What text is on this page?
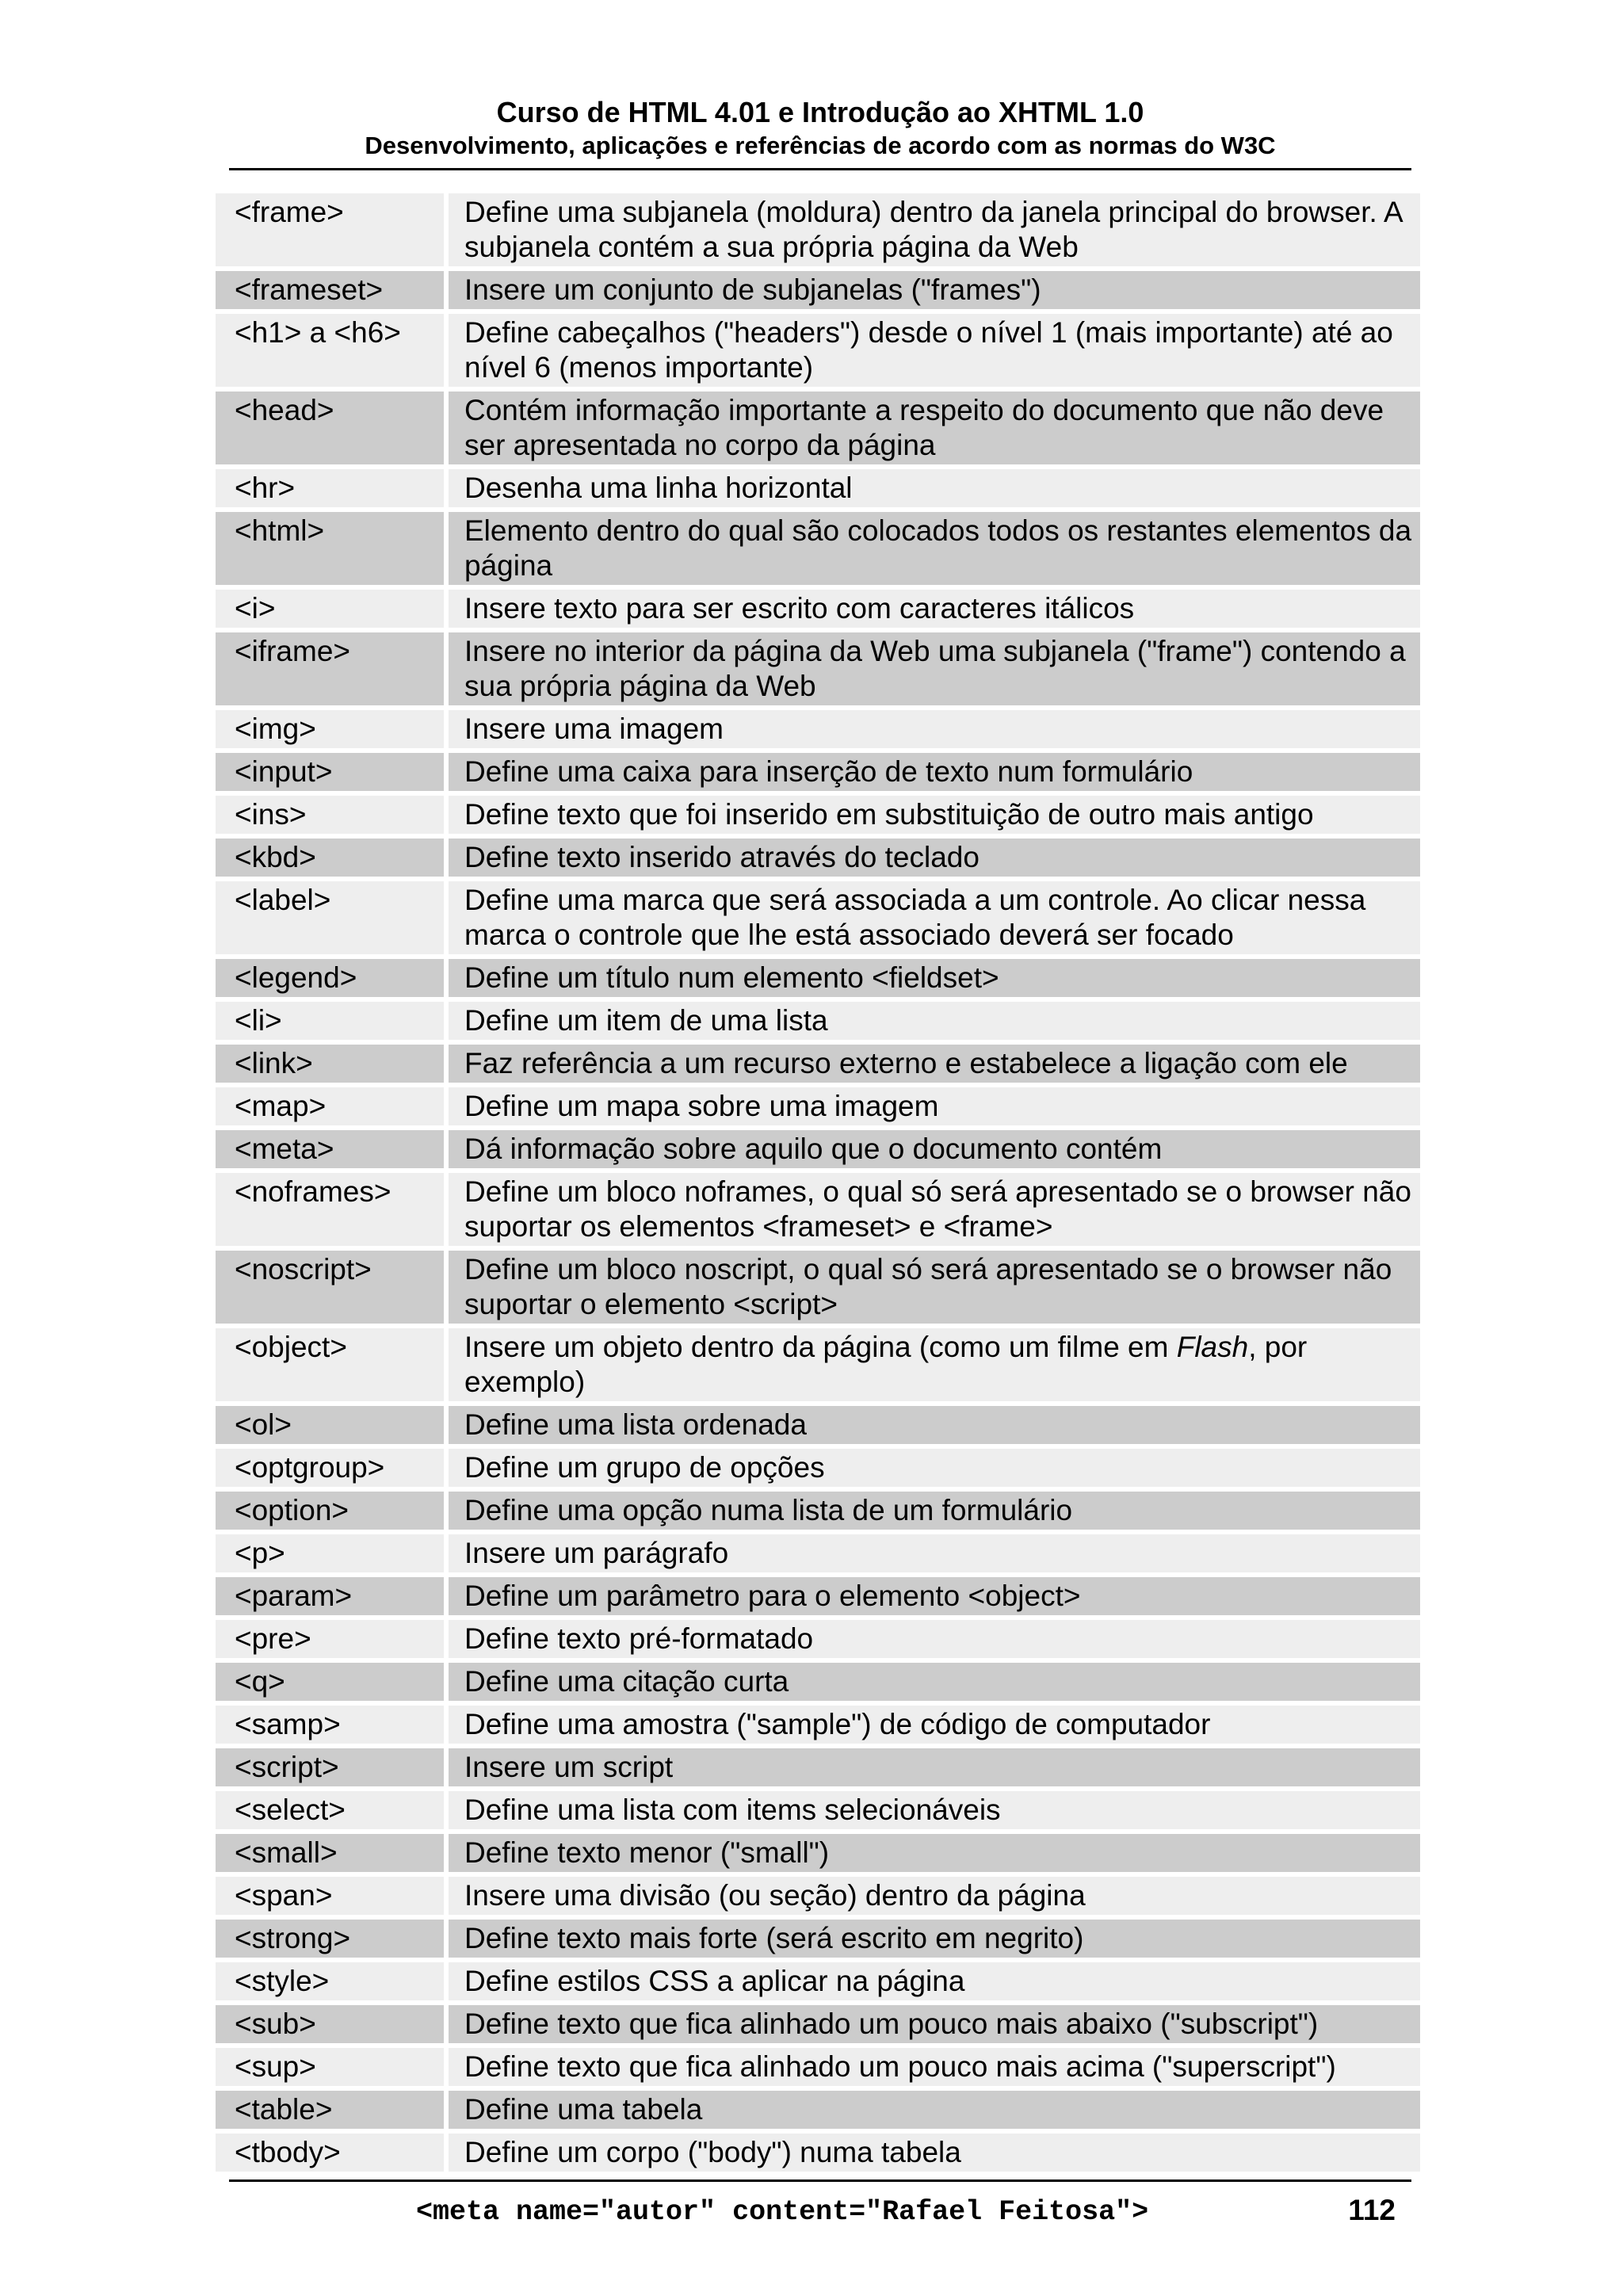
Curso de HTML 4.01 e Introdução ao XHTML 1.0
Desenvolvimento, aplicações e referências de acordo com as normas do W3C
<frame>	Define uma subjanela (moldura) dentro da janela principal do browser. A subjanela contém a sua própria página da Web
<frameset>	Insere um conjunto de subjanelas ("frames")
<h1> a <h6>	Define cabeçalhos ("headers") desde o nível 1 (mais importante) até ao nível 6 (menos importante)
<head>	Contém informação importante a respeito do documento que não deve ser apresentada no corpo da página
<hr>	Desenha uma linha horizontal
<html>	Elemento dentro do qual são colocados todos os restantes elementos da página
<i>	Insere texto para ser escrito com caracteres itálicos
<iframe>	Insere no interior da página da Web uma subjanela ("frame") contendo a sua própria página da Web
<img>	Insere uma imagem
<input>	Define uma caixa para inserção de texto num formulário
<ins>	Define texto que foi inserido em substituição de outro mais antigo
<kbd>	Define texto inserido através do teclado
<label>	Define uma marca que será associada a um controle. Ao clicar nessa marca o controle que lhe está associado deverá ser focado
<legend>	Define um título num elemento <fieldset>
<li>	Define um item de uma lista
<link>	Faz referência a um recurso externo e estabelece a ligação com ele
<map>	Define um mapa sobre uma imagem
<meta>	Dá informação sobre aquilo que o documento contém
<noframes>	Define um bloco noframes, o qual só será apresentado se o browser não suportar os elementos <frameset> e <frame>
<noscript>	Define um bloco noscript, o qual só será apresentado se o browser não suportar o elemento <script>
<object>	Insere um objeto dentro da página (como um filme em Flash, por exemplo)
<ol>	Define uma lista ordenada
<optgroup>	Define um grupo de opções
<option>	Define uma opção numa lista de um formulário
<p>	Insere um parágrafo
<param>	Define um parâmetro para o elemento <object>
<pre>	Define texto pré-formatado
<q>	Define uma citação curta
<samp>	Define uma amostra ("sample") de código de computador
<script>	Insere um script
<select>	Define uma lista com items selecionáveis
<small>	Define texto menor ("small")
<span>	Insere uma divisão (ou seção) dentro da página
<strong>	Define texto mais forte (será escrito em negrito)
<style>	Define estilos CSS a aplicar na página
<sub>	Define texto que fica alinhado um pouco mais abaixo ("subscript")
<sup>	Define texto que fica alinhado um pouco mais acima ("superscript")
<table>	Define uma tabela
<tbody>	Define um corpo ("body") numa tabela
<meta name="autor" content="Rafael Feitosa">	112
